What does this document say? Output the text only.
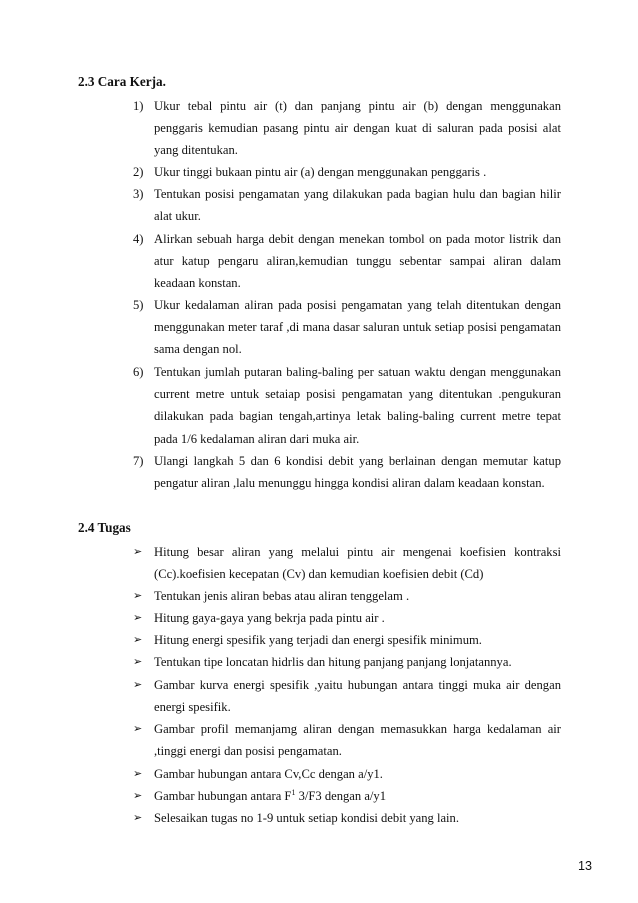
2.3 Cara Kerja.
1) Ukur tebal pintu air (t) dan panjang pintu air (b) dengan menggunakan penggaris kemudian pasang pintu air dengan kuat di saluran pada posisi alat yang ditentukan.
2) Ukur tinggi bukaan pintu air (a) dengan menggunakan penggaris .
3) Tentukan posisi pengamatan yang dilakukan pada bagian hulu dan bagian hilir alat ukur.
4) Alirkan sebuah harga debit dengan menekan tombol on pada motor listrik dan atur katup pengaru aliran,kemudian tunggu sebentar sampai aliran dalam keadaan konstan.
5) Ukur kedalaman aliran pada posisi pengamatan yang telah ditentukan dengan menggunakan meter taraf ,di mana dasar saluran untuk setiap posisi pengamatan sama dengan nol.
6) Tentukan jumlah putaran baling-baling per satuan waktu dengan menggunakan current metre untuk setaiap posisi pengamatan yang ditentukan .pengukuran dilakukan pada bagian tengah,artinya letak baling-baling current metre tepat pada 1/6 kedalaman aliran dari muka air.
7) Ulangi langkah 5 dan 6 kondisi debit yang berlainan dengan memutar katup pengatur aliran ,lalu menunggu hingga kondisi aliran dalam keadaan konstan.
2.4 Tugas
➢ Hitung besar aliran yang melalui pintu air mengenai koefisien kontraksi (Cc).koefisien kecepatan (Cv) dan kemudian koefisien debit (Cd)
➢ Tentukan jenis aliran bebas atau aliran tenggelam .
➢ Hitung gaya-gaya yang bekrja pada pintu air .
➢ Hitung energi spesifik yang terjadi dan energi spesifik minimum.
➢ Tentukan tipe loncatan hidrlis dan hitung panjang panjang lonjatannya.
➢ Gambar kurva energi spesifik ,yaitu hubungan antara tinggi muka air dengan energi spesifik.
➢ Gambar profil memanjamg aliran dengan memasukkan harga kedalaman air ,tinggi energi dan posisi pengamatan.
➢ Gambar hubungan antara Cv,Cc dengan a/y1.
➢ Gambar hubungan antara $F^1$ 3/F3 dengan a/y1
➢ Selesaikan tugas no 1-9 untuk setiap kondisi debit yang lain.
13
